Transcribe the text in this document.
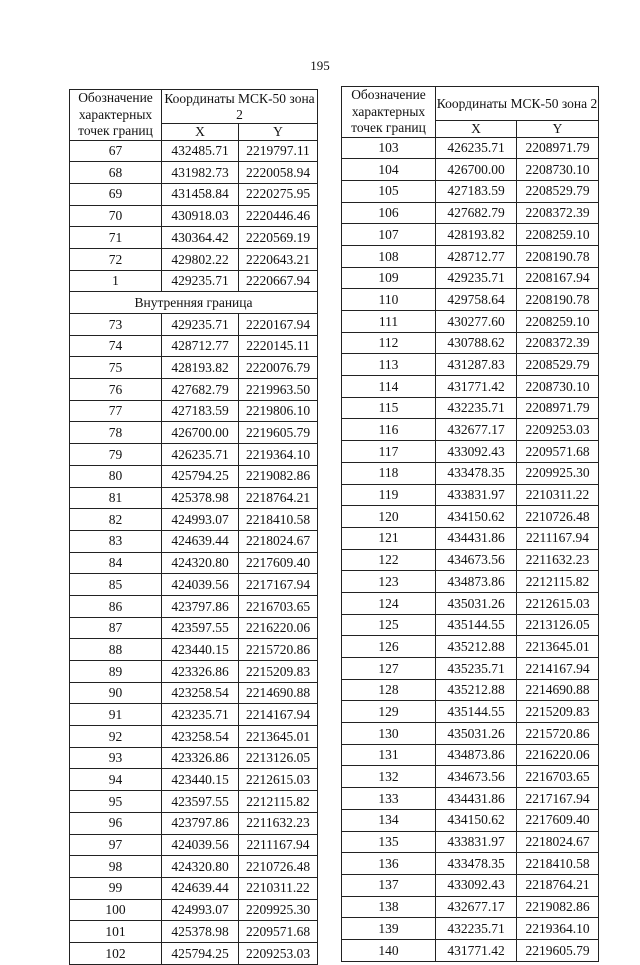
195
Обозначение характерных точек границ	Координаты МСК-50 зона 2	
	X	Y
67	432485.71	2219797.11
68	431982.73	2220058.94
69	431458.84	2220275.95
70	430918.03	2220446.46
71	430364.42	2220569.19
72	429802.22	2220643.21
1	429235.71	2220667.94
Внутренняя граница		
73	429235.71	2220167.94
74	428712.77	2220145.11
75	428193.82	2220076.79
76	427682.79	2219963.50
77	427183.59	2219806.10
78	426700.00	2219605.79
79	426235.71	2219364.10
80	425794.25	2219082.86
81	425378.98	2218764.21
82	424993.07	2218410.58
83	424639.44	2218024.67
84	424320.80	2217609.40
85	424039.56	2217167.94
86	423797.86	2216703.65
87	423597.55	2216220.06
88	423440.15	2215720.86
89	423326.86	2215209.83
90	423258.54	2214690.88
91	423235.71	2214167.94
92	423258.54	2213645.01
93	423326.86	2213126.05
94	423440.15	2212615.03
95	423597.55	2212115.82
96	423797.86	2211632.23
97	424039.56	2211167.94
98	424320.80	2210726.48
99	424639.44	2210311.22
100	424993.07	2209925.30
101	425378.98	2209571.68
102	425794.25	2209253.03
Обозначение характерных точек границ	Координаты МСК-50 зона 2	
	X	Y
103	426235.71	2208971.79
104	426700.00	2208730.10
105	427183.59	2208529.79
106	427682.79	2208372.39
107	428193.82	2208259.10
108	428712.77	2208190.78
109	429235.71	2208167.94
110	429758.64	2208190.78
111	430277.60	2208259.10
112	430788.62	2208372.39
113	431287.83	2208529.79
114	431771.42	2208730.10
115	432235.71	2208971.79
116	432677.17	2209253.03
117	433092.43	2209571.68
118	433478.35	2209925.30
119	433831.97	2210311.22
120	434150.62	2210726.48
121	434431.86	2211167.94
122	434673.56	2211632.23
123	434873.86	2212115.82
124	435031.26	2212615.03
125	435144.55	2213126.05
126	435212.88	2213645.01
127	435235.71	2214167.94
128	435212.88	2214690.88
129	435144.55	2215209.83
130	435031.26	2215720.86
131	434873.86	2216220.06
132	434673.56	2216703.65
133	434431.86	2217167.94
134	434150.62	2217609.40
135	433831.97	2218024.67
136	433478.35	2218410.58
137	433092.43	2218764.21
138	432677.17	2219082.86
139	432235.71	2219364.10
140	431771.42	2219605.79
